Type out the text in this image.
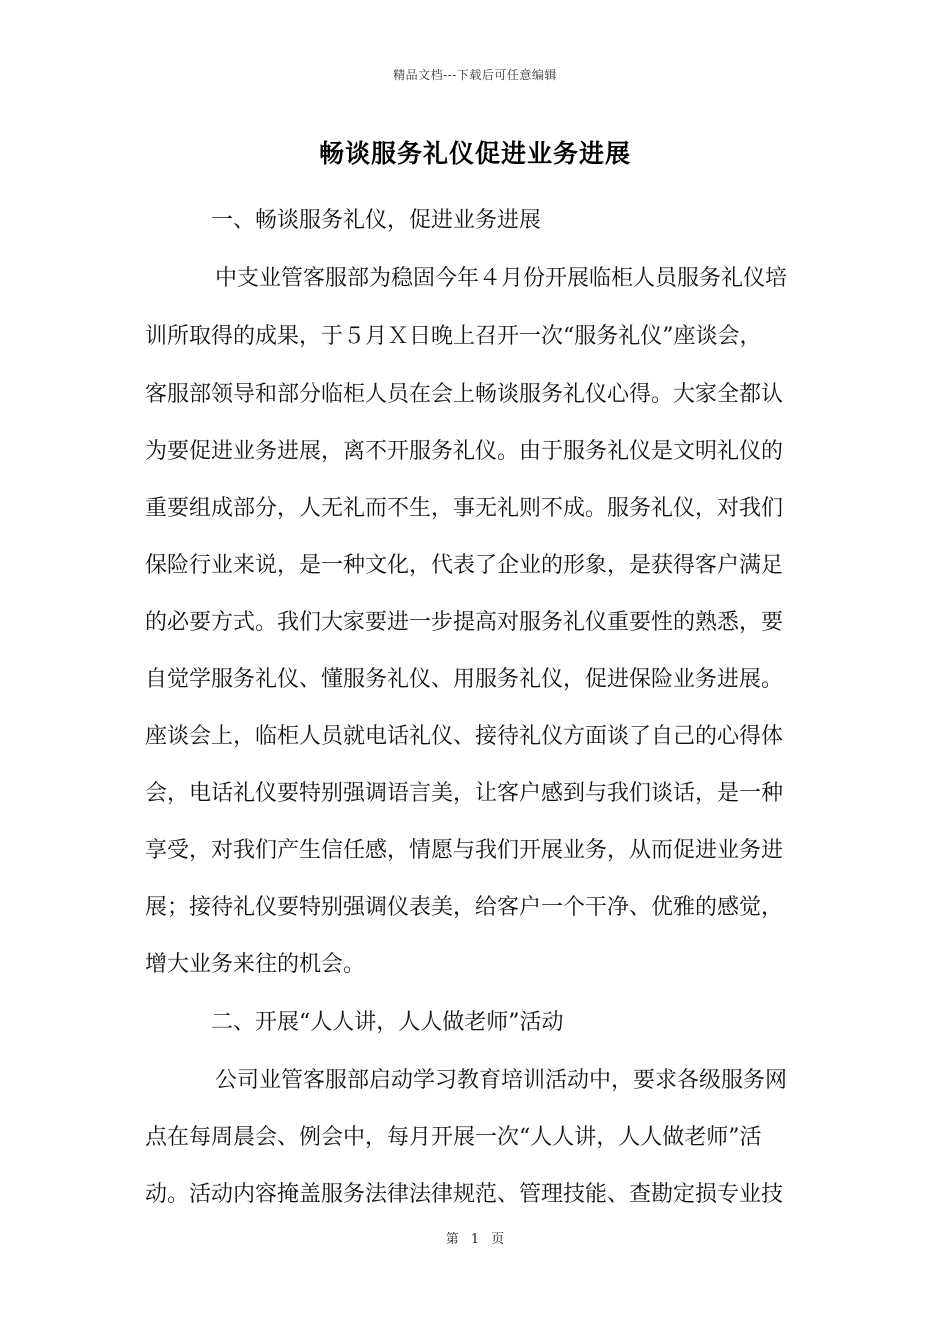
精品文档---下载后可任意编辑
畅谈服务礼仪促进业务进展
一、畅谈服务礼仪，促进业务进展
中支业管客服部为稳固今年４月份开展临柜人员服务礼仪培
训所取得的成果，于５月Ｘ日晚上召开一次“服务礼仪”座谈会，
客服部领导和部分临柜人员在会上畅谈服务礼仪心得。大家全都认
为要促进业务进展，离不开服务礼仪。由于服务礼仪是文明礼仪的
重要组成部分，人无礼而不生，事无礼则不成。服务礼仪，对我们
保险行业来说，是一种文化，代表了企业的形象，是获得客户满足
的必要方式。我们大家要进一步提高对服务礼仪重要性的熟悉，要
自觉学服务礼仪、懂服务礼仪、用服务礼仪，促进保险业务进展。
座谈会上，临柜人员就电话礼仪、接待礼仪方面谈了自己的心得体
会，电话礼仪要特别强调语言美，让客户感到与我们谈话，是一种
享受，对我们产生信任感，情愿与我们开展业务，从而促进业务进
展；接待礼仪要特别强调仪表美，给客户一个干净、优雅的感觉，
增大业务来往的机会。
二、开展“人人讲，人人做老师”活动
公司业管客服部启动学习教育培训活动中，要求各级服务网
点在每周晨会、例会中，每月开展一次“人人讲，人人做老师”活
动。活动内容掩盖服务法律法律规范、管理技能、查勘定损专业技
第 1 页
